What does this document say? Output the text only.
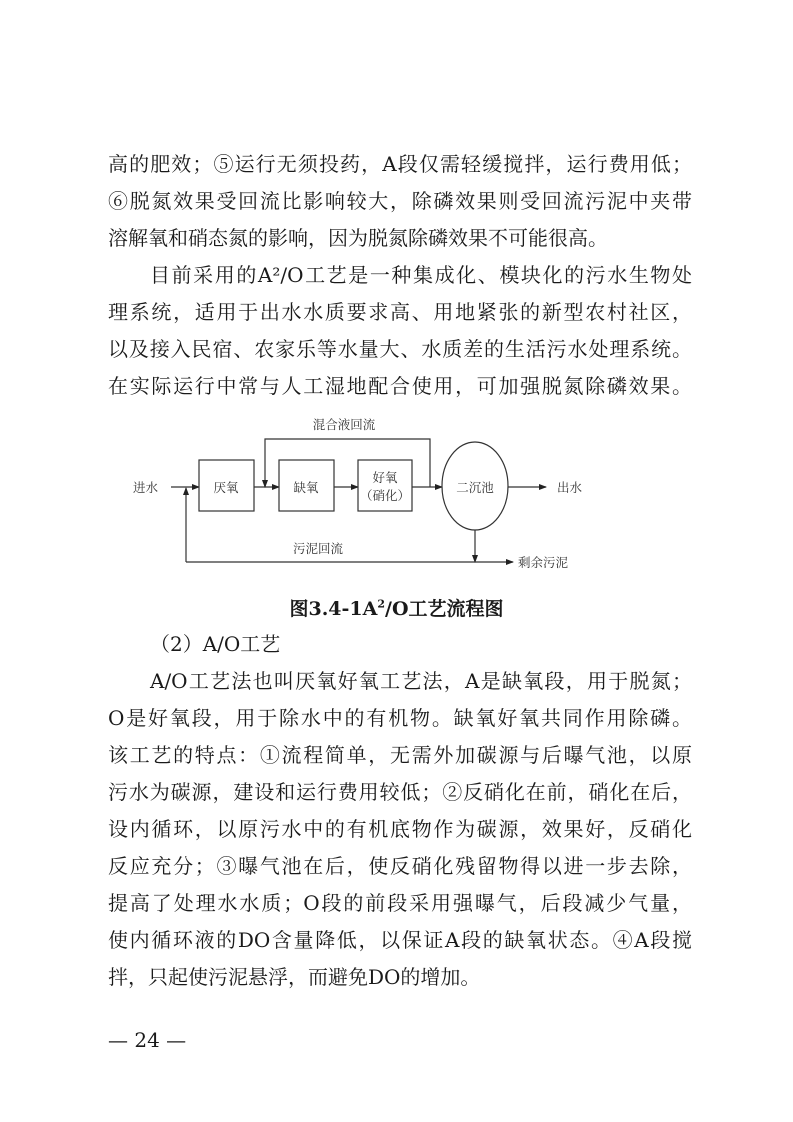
高的肥效；⑤运行无须投药，A段仅需轻缓搅拌，运行费用低；
⑥脱氮效果受回流比影响较大，除磷效果则受回流污泥中夹带
溶解氧和硝态氮的影响，因为脱氮除磷效果不可能很高。
目前采用的A²/O工艺是一种集成化、模块化的污水生物处
理系统，适用于出水水质要求高、用地紧张的新型农村社区，
以及接入民宿、农家乐等水量大、水质差的生活污水处理系统。
在实际运行中常与人工湿地配合使用，可加强脱氮除磷效果。
进水	厌氧	缺氧
好氧
（硝化）
二沉池	出水
混合液回流
污泥回流
剩余污泥
图$3.4-1A^2/O$工艺流程图
（2）A/O工艺
A/O工艺法也叫厌氧好氧工艺法，A是缺氧段，用于脱氮；
O是好氧段，用于除水中的有机物。缺氧好氧共同作用除磷。
该工艺的特点：①流程简单，无需外加碳源与后曝气池，以原
污水为碳源，建设和运行费用较低；②反硝化在前，硝化在后，
设内循环，以原污水中的有机底物作为碳源，效果好，反硝化
反应充分；③曝气池在后，使反硝化残留物得以进一步去除，
提高了处理水水质；O段的前段采用强曝气，后段减少气量，
使内循环液的DO含量降低，以保证A段的缺氧状态。④A段搅
拌，只起使污泥悬浮，而避免DO的增加。
— 24 —
